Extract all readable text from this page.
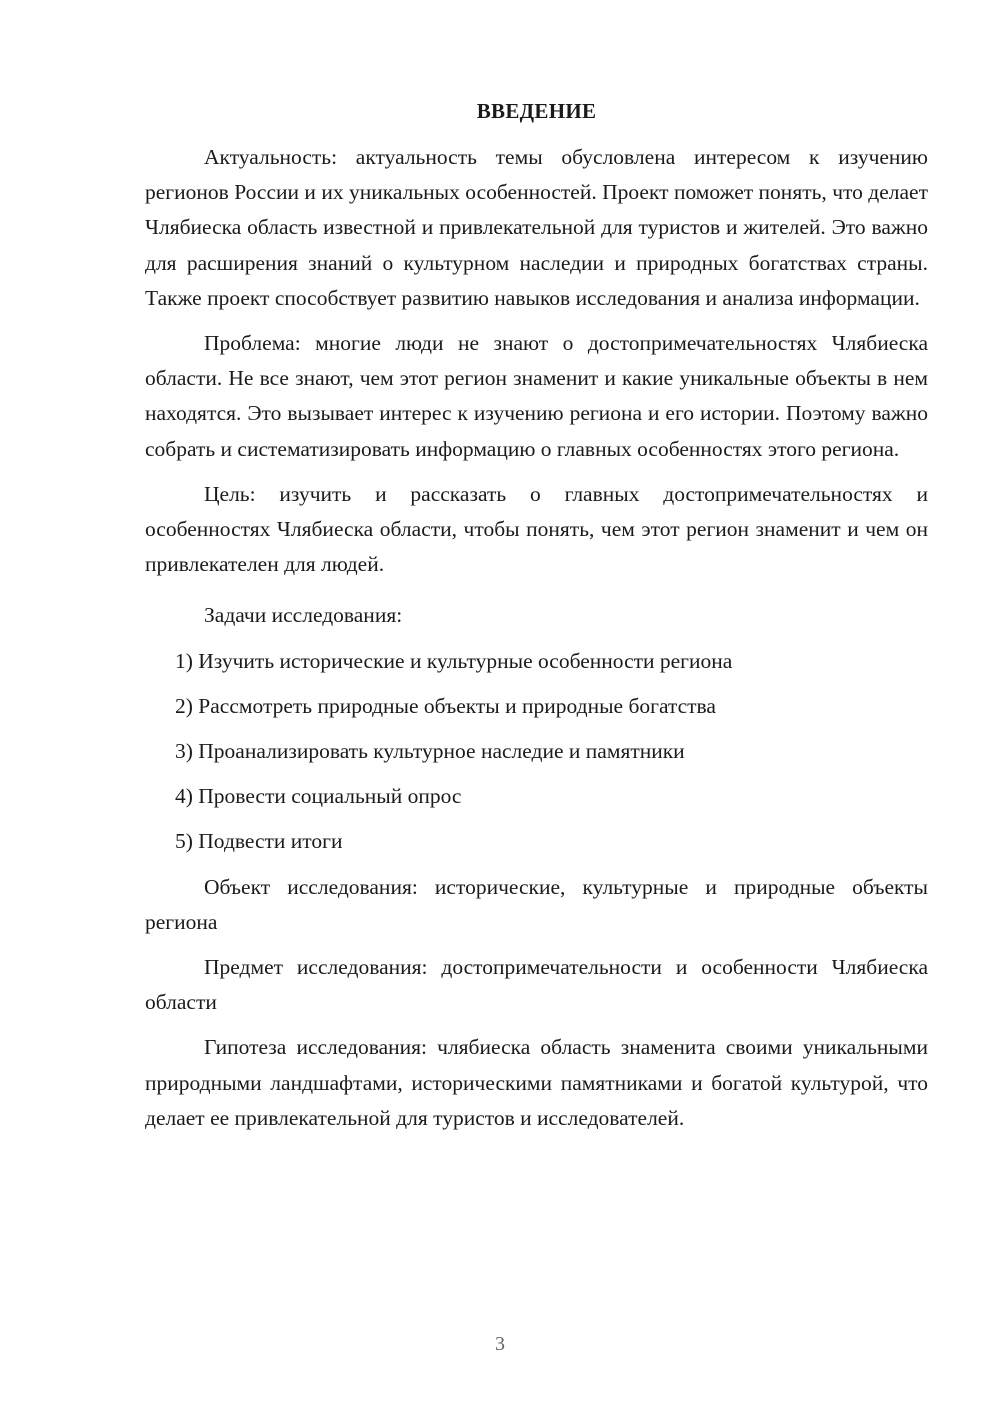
ВВЕДЕНИЕ

Актуальность: актуальность темы обусловлена интересом к изучению регионов России и их уникальных особенностей. Проект поможет понять, что делает Члябиеска область известной и привлекательной для туристов и жителей. Это важно для расширения знаний о культурном наследии и природных богатствах страны. Также проект способствует развитию навыков исследования и анализа информации.

Проблема: многие люди не знают о достопримечательностях Члябиеска области. Не все знают, чем этот регион знаменит и какие уникальные объекты в нем находятся. Это вызывает интерес к изучению региона и его истории. Поэтому важно собрать и систематизировать информацию о главных особенностях этого региона.

Цель: изучить и рассказать о главных достопримечательностях и особенностях Члябиеска области, чтобы понять, чем этот регион знаменит и чем он привлекателен для людей.

Задачи исследования:

1) Изучить исторические и культурные особенности региона
2) Рассмотреть природные объекты и природные богатства
3) Проанализировать культурное наследие и памятники
4) Провести социальный опрос
5) Подвести итоги

Объект исследования: исторические, культурные и природные объекты региона

Предмет исследования: достопримечательности и особенности Члябиеска области

Гипотеза исследования: члябиеска область знаменита своими уникальными природными ландшафтами, историческими памятниками и богатой культурой, что делает ее привлекательной для туристов и исследователей.

3
